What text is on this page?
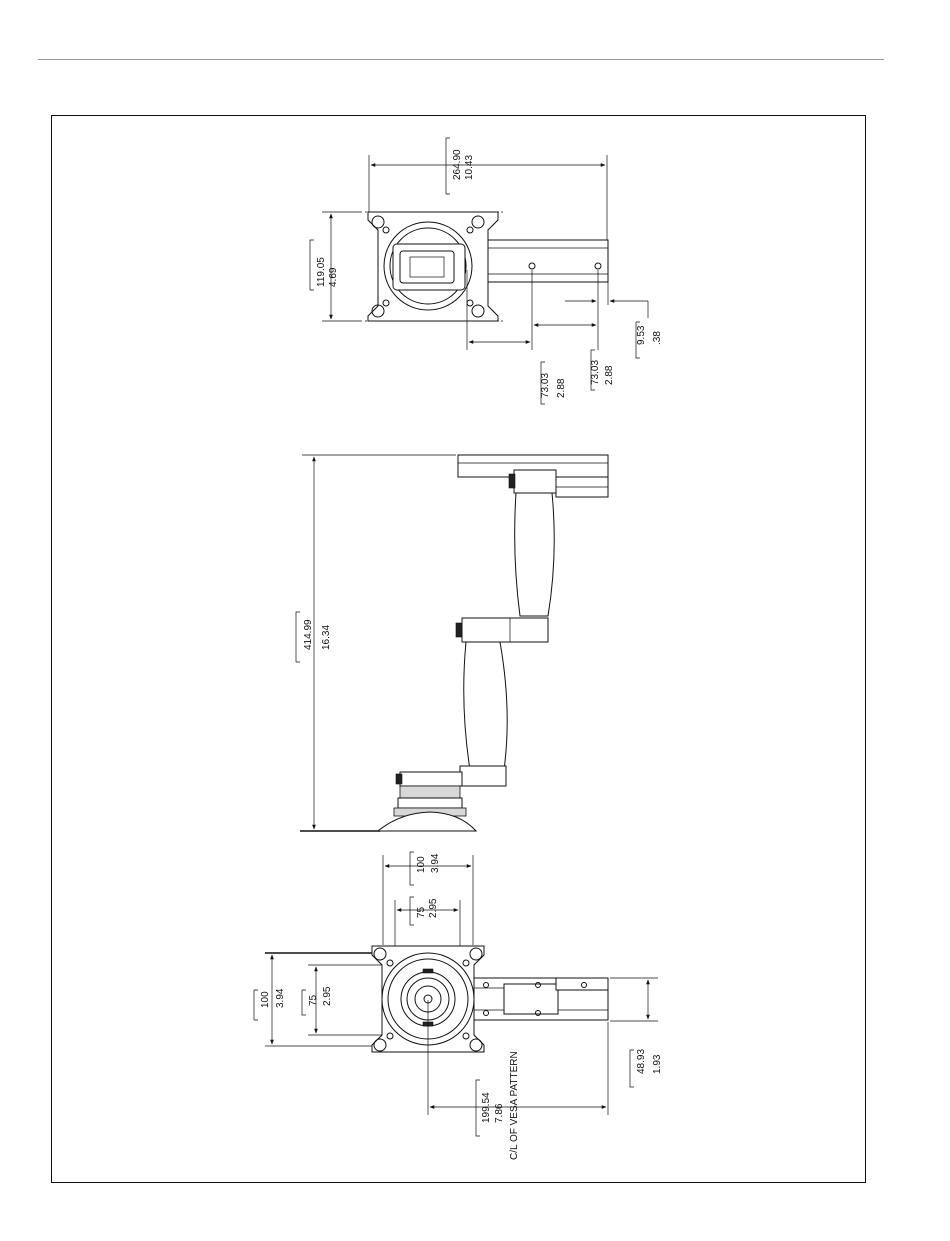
264.90 10.43
119.05 4.69
73.03 2.88
73.03 2.88
9.53 .38
414.99 16.34
100 3.94
75 2.95
100 3.94 75 2.95
48.93 1.93
199.54 7.86 C/L OF VESA PATTERN
